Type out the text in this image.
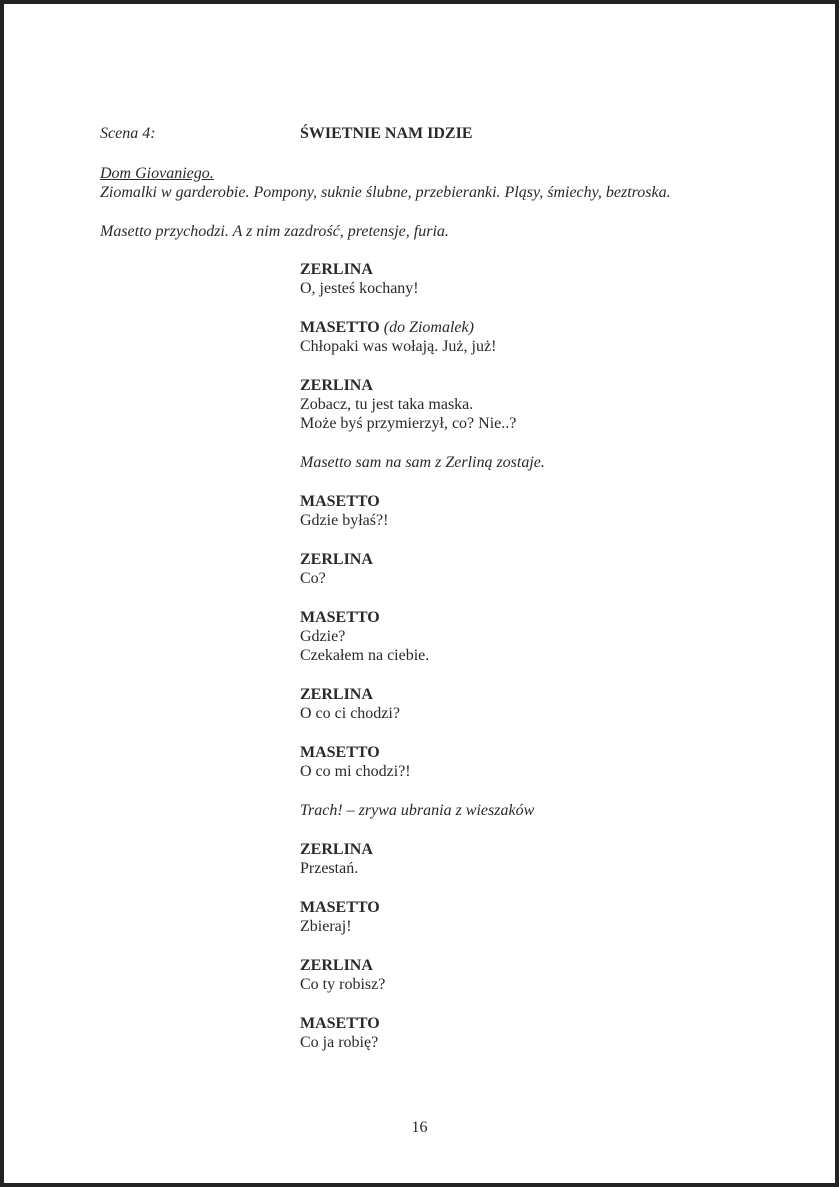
Scena 4:	ŚWIETNIE NAM IDZIE
Dom Giovaniego.
Ziomalki w garderobie. Pompony, suknie ślubne, przebieranki. Pląsy, śmiechy, beztroska.
Masetto przychodzi. A z nim zazdrość, pretensje, furia.
ZERLINA
O, jesteś kochany!
MASETTO (do Ziomalek)
Chłopaki was wołają. Już, już!
ZERLINA
Zobacz, tu jest taka maska.
Może byś przymierzył, co? Nie..?
Masetto sam na sam z Zerliną zostaje.
MASETTO
Gdzie byłaś?!
ZERLINA
Co?
MASETTO
Gdzie?
Czekałem na ciebie.
ZERLINA
O co ci chodzi?
MASETTO
O co mi chodzi?!
Trach! – zrywa ubrania z wieszaków
ZERLINA
Przestań.
MASETTO
Zbieraj!
ZERLINA
Co ty robisz?
MASETTO
Co ja robię?
16
